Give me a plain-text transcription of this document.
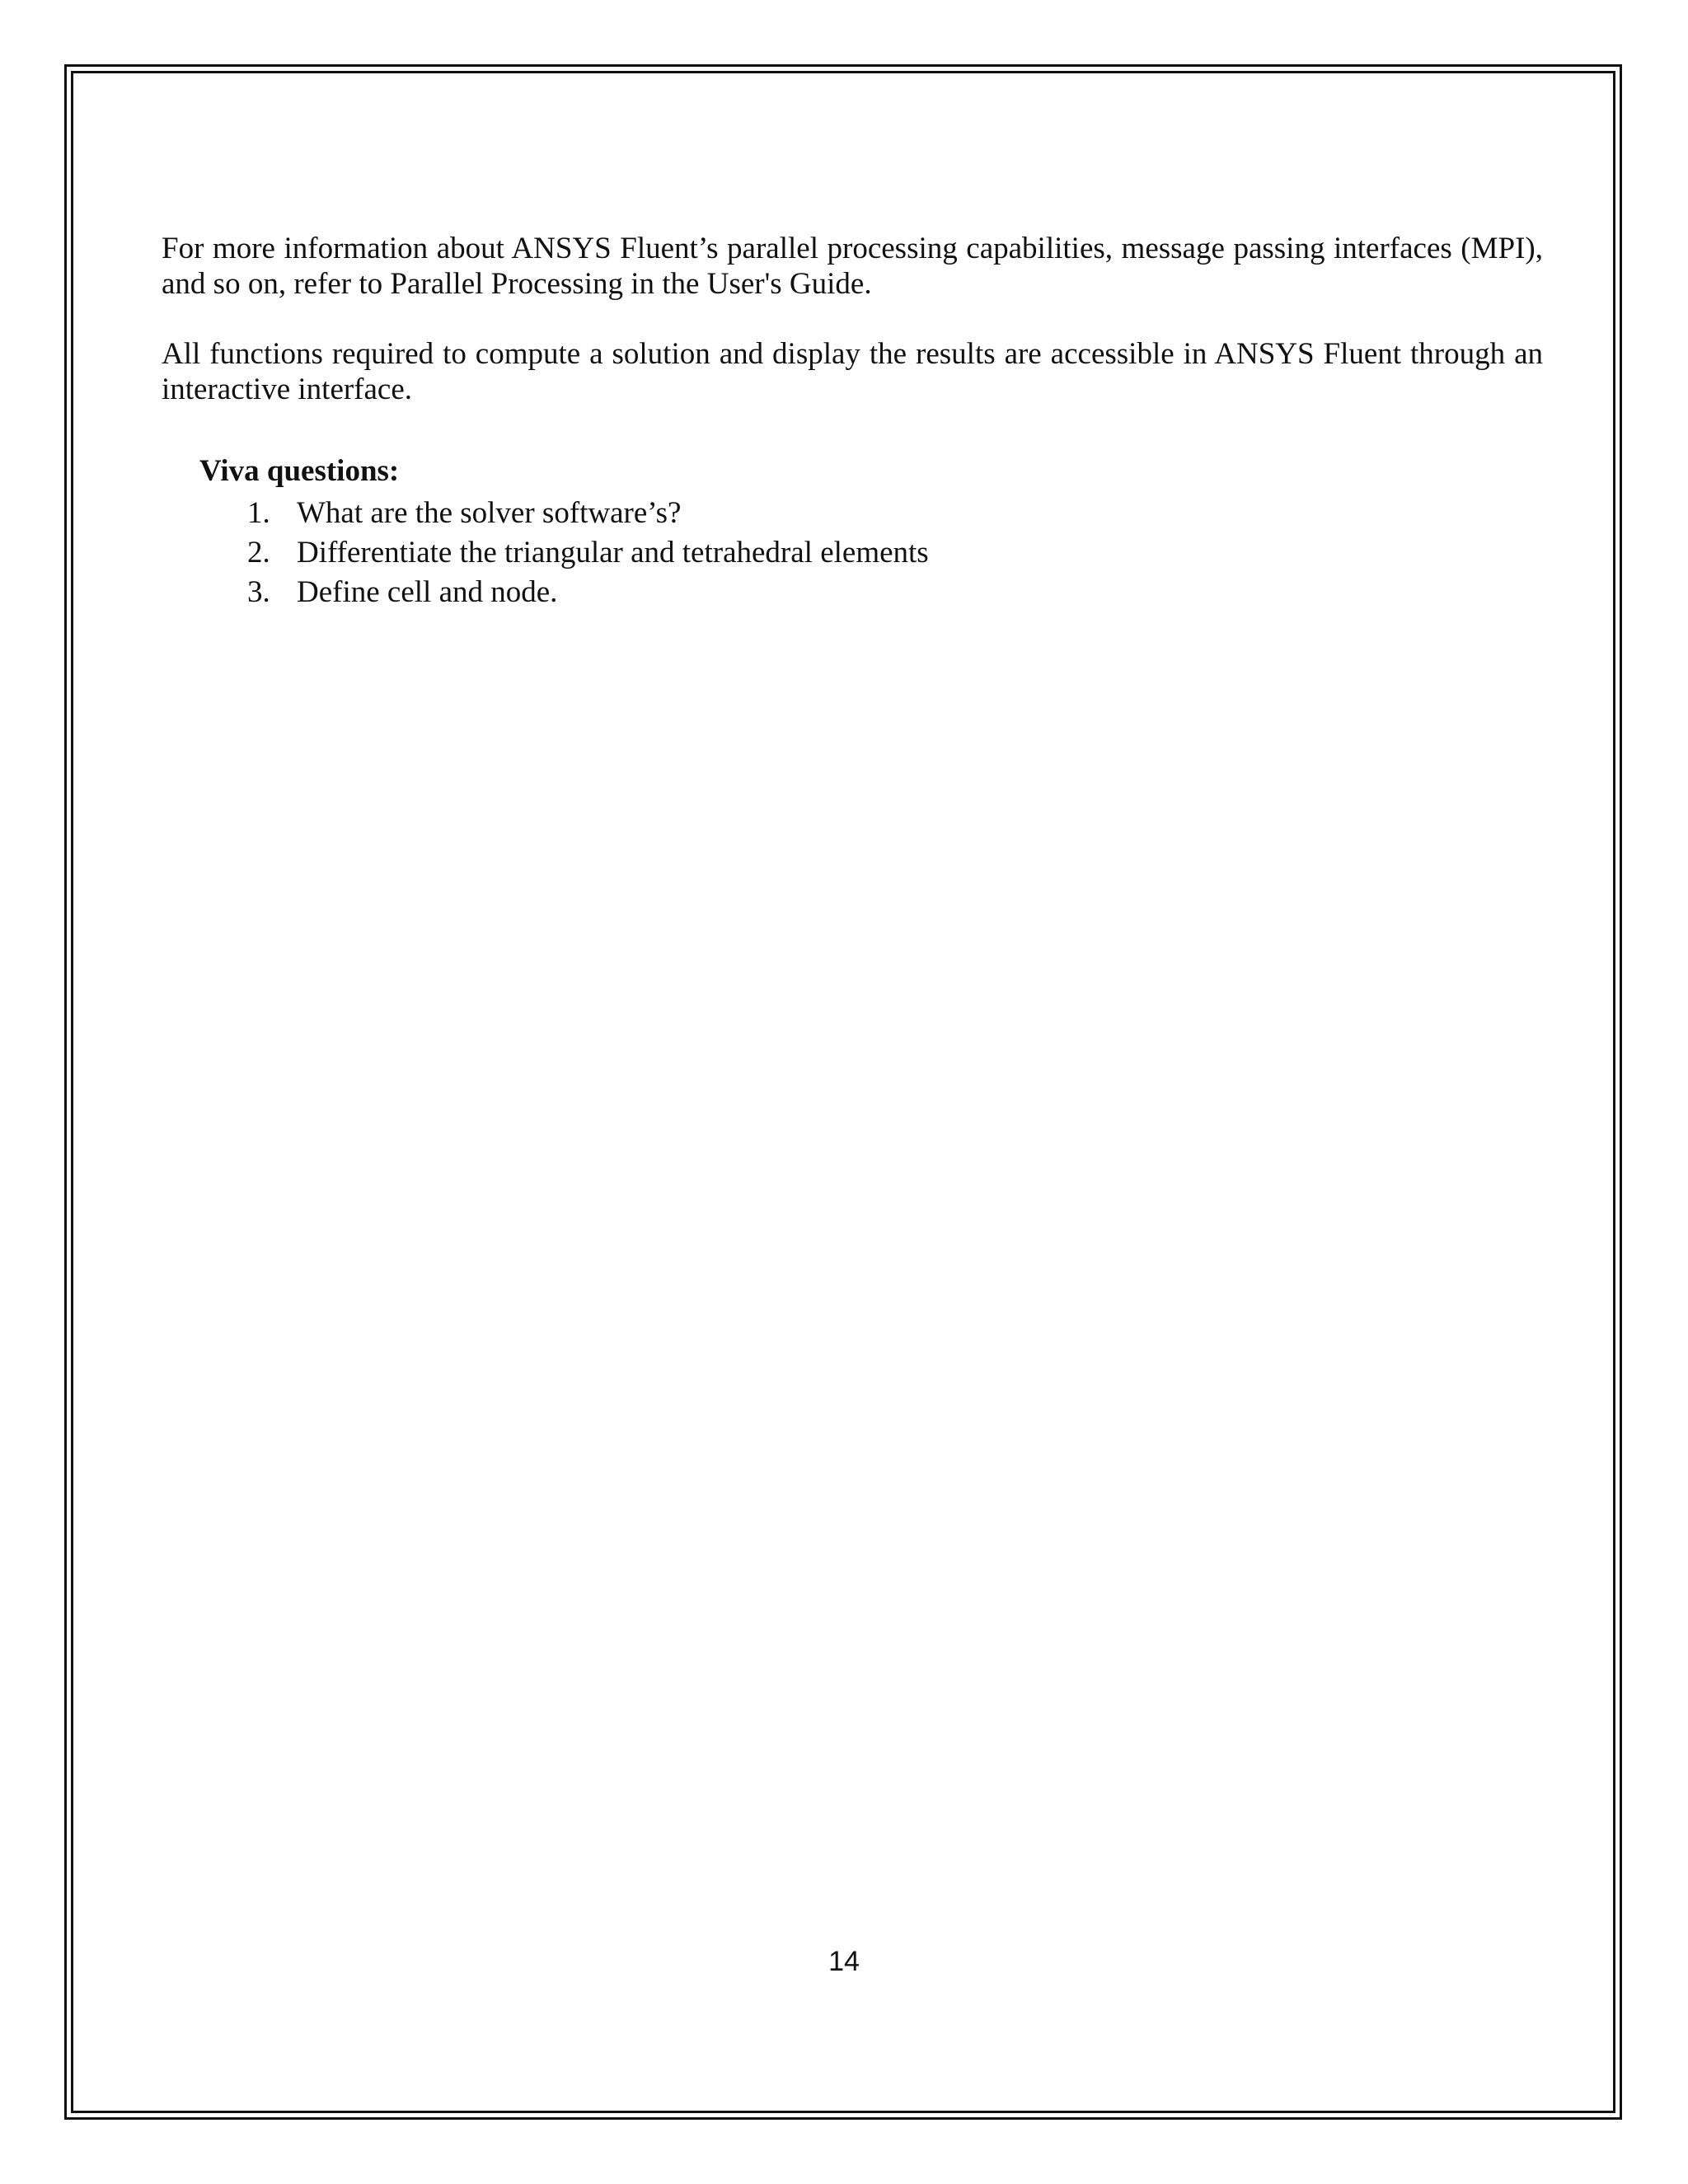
For more information about ANSYS Fluent’s parallel processing capabilities, message passing interfaces (MPI), and so on, refer to Parallel Processing in the User's Guide.

All functions required to compute a solution and display the results are accessible in ANSYS Fluent through an interactive interface.

Viva questions:

1. What are the solver software’s?
2. Differentiate the triangular and tetrahedral elements
3. Define cell and node.
14
